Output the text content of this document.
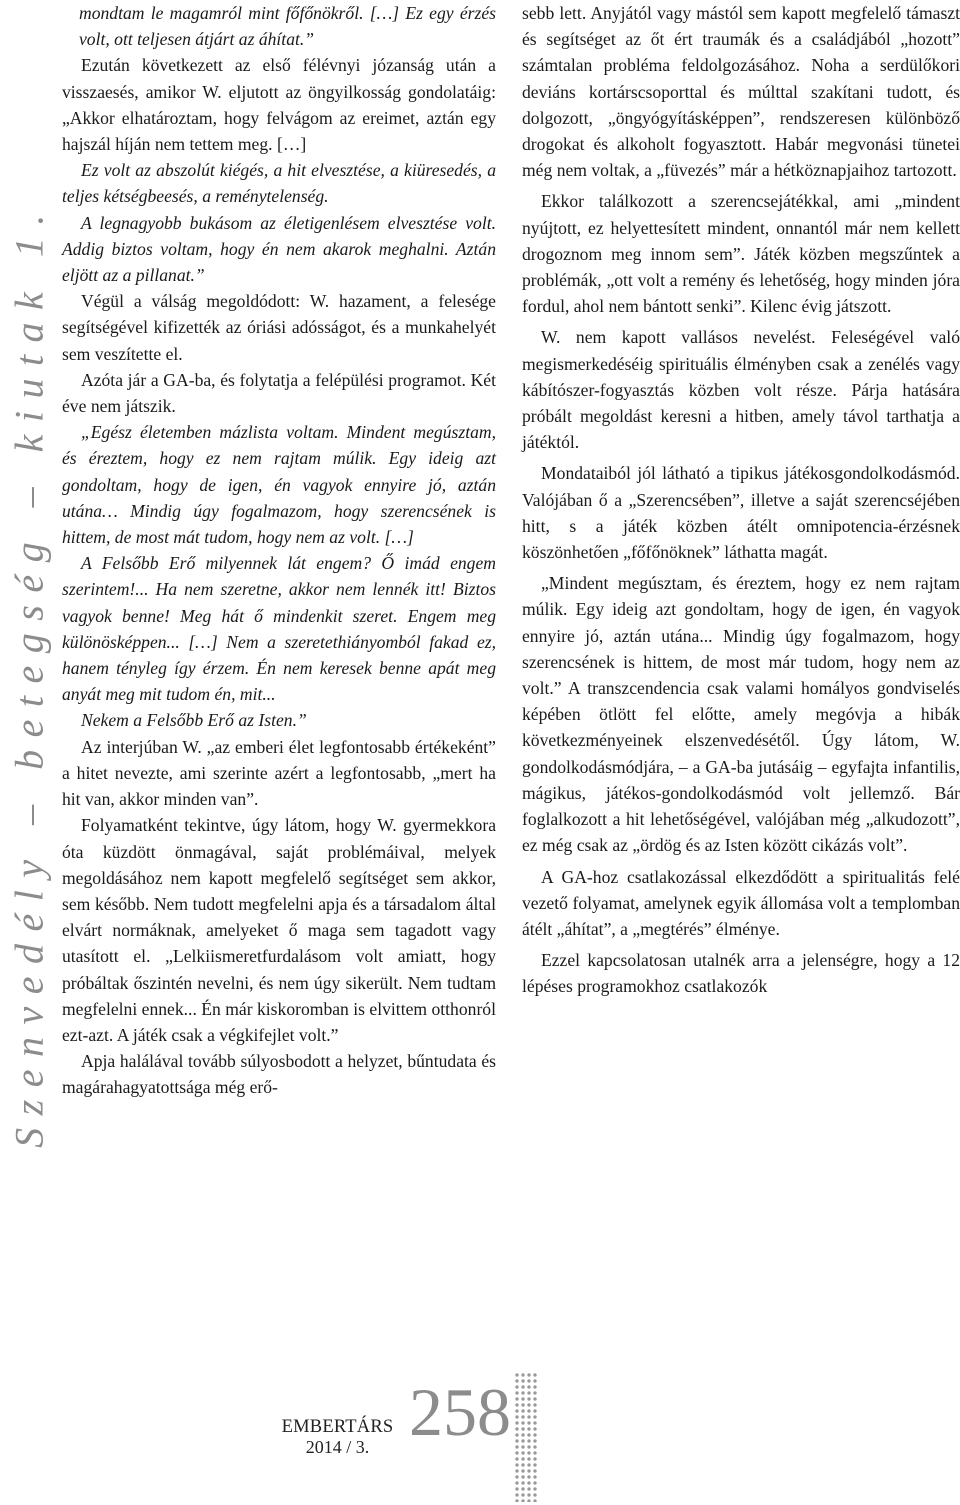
Szenvedély – betegség – kiutak 1.

mondtam le magamról mint főfőnökről. […] Ez egy érzés volt, ott teljesen átjárt az áhítat.”

Ezután következett az első félévnyi józanság után a visszaesés, amikor W. eljutott az öngyilkosság gondolatáig: „Akkor elhatároztam, hogy felvágom az ereimet, aztán egy hajszál híján nem tettem meg. […]

Ez volt az abszolút kiégés, a hit elvesztése, a kiüresedés, a teljes kétségbeesés, a reménytelenség.

A legnagyobb bukásom az életigenlésem elvesztése volt. Addig biztos voltam, hogy én nem akarok meghalni. Aztán eljött az a pillanat.”

Végül a válság megoldódott: W. hazament, a felesége segítségével kifizették az óriási adósságot, és a munkahelyét sem veszítette el.

Azóta jár a GA-ba, és folytatja a felépülési programot. Két éve nem játszik.

„Egész életemben mázlista voltam. Mindent megúsztam, és éreztem, hogy ez nem rajtam múlik. Egy ideig azt gondoltam, hogy de igen, én vagyok ennyire jó, aztán utána… Mindig úgy fogalmazom, hogy szerencsének is hittem, de most mát tudom, hogy nem az volt. […]

A Felsőbb Erő milyennek lát engem? Ő imád engem szerintem!... Ha nem szeretne, akkor nem lennék itt! Biztos vagyok benne! Meg hát ő mindenkit szeret. Engem meg különösképpen... […] Nem a szeretethiányomból fakad ez, hanem tényleg így érzem. Én nem keresek benne apát meg anyát meg mit tudom én, mit...

Nekem a Felsőbb Erő az Isten.”

Az interjúban W. „az emberi élet legfontosabb értékeként” a hitet nevezte, ami szerinte azért a legfontosabb, „mert ha hit van, akkor minden van”.

Folyamatként tekintve, úgy látom, hogy W. gyermekkora óta küzdött önmagával, saját problémáival, melyek megoldásához nem kapott megfelelő segítséget sem akkor, sem később. Nem tudott megfelelni apja és a társadalom által elvárt normáknak, amelyeket ő maga sem tagadott vagy utasított el. „Lelkiismeretfurdalásom volt amiatt, hogy próbáltak őszintén nevelni, és nem úgy sikerült. Nem tudtam megfelelni ennek... Én már kiskoromban is elvittem otthonról ezt-azt. A játék csak a végkifejlet volt.”

Apja halálával tovább súlyosbodott a helyzet, bűntudata és magárahagyatottsága még erő-

sebb lett. Anyjától vagy mástól sem kapott megfelelő támaszt és segítséget az őt ért traumák és a családjából „hozott” számtalan probléma feldolgozásához. Noha a serdülőkori deviáns kortárscsoporttal és múlttal szakítani tudott, és dolgozott, „öngyógyításképpen”, rendszeresen különböző drogokat és alkoholt fogyasztott. Habár megvonási tünetei még nem voltak, a „füvezés” már a hétköznapjaihoz tartozott.

Ekkor találkozott a szerencsejátékkal, ami „mindent nyújtott, ez helyettesített mindent, onnantól már nem kellett drogoznom meg innom sem”. Játék közben megszűntek a problémák, „ott volt a remény és lehetőség, hogy minden jóra fordul, ahol nem bántott senki”. Kilenc évig játszott.

W. nem kapott vallásos nevelést. Feleségével való megismerkedéséig spirituális élményben csak a zenélés vagy kábítószer-fogyasztás közben volt része. Párja hatására próbált megoldást keresni a hitben, amely távol tarthatja a játéktól.

Mondataiból jól látható a tipikus játékosgondolkodásmód. Valójában ő a „Szerencsében”, illetve a saját szerencséjében hitt, s a játék közben átélt omnipotencia-érzésnek köszönhetően „főfőnöknek” láthatta magát.

„Mindent megúsztam, és éreztem, hogy ez nem rajtam múlik. Egy ideig azt gondoltam, hogy de igen, én vagyok ennyire jó, aztán utána... Mindig úgy fogalmazom, hogy szerencsének is hittem, de most már tudom, hogy nem az volt.” A transzcendencia csak valami homályos gondviselés képében ötlött fel előtte, amely megóvja a hibák következményeinek elszenvedésétől. Úgy látom, W. gondolkodásmódjára, – a GA-ba jutásáig – egyfajta infantilis, mágikus, játékos-gondolkodásmód volt jellemző. Bár foglalkozott a hit lehetőségével, valójában még „alkudozott”, ez még csak az „ördög és az Isten között cikázás volt”.

A GA-hoz csatlakozással elkezdődött a spiritualitás felé vezető folyamat, amelynek egyik állomása volt a templomban átélt „áhítat”, a „megtérés” élménye.

Ezzel kapcsolatosan utalnék arra a jelenségre, hogy a 12 lépéses programokhoz csatlakozók

EMBERTÁRS
2014 / 3. 258
